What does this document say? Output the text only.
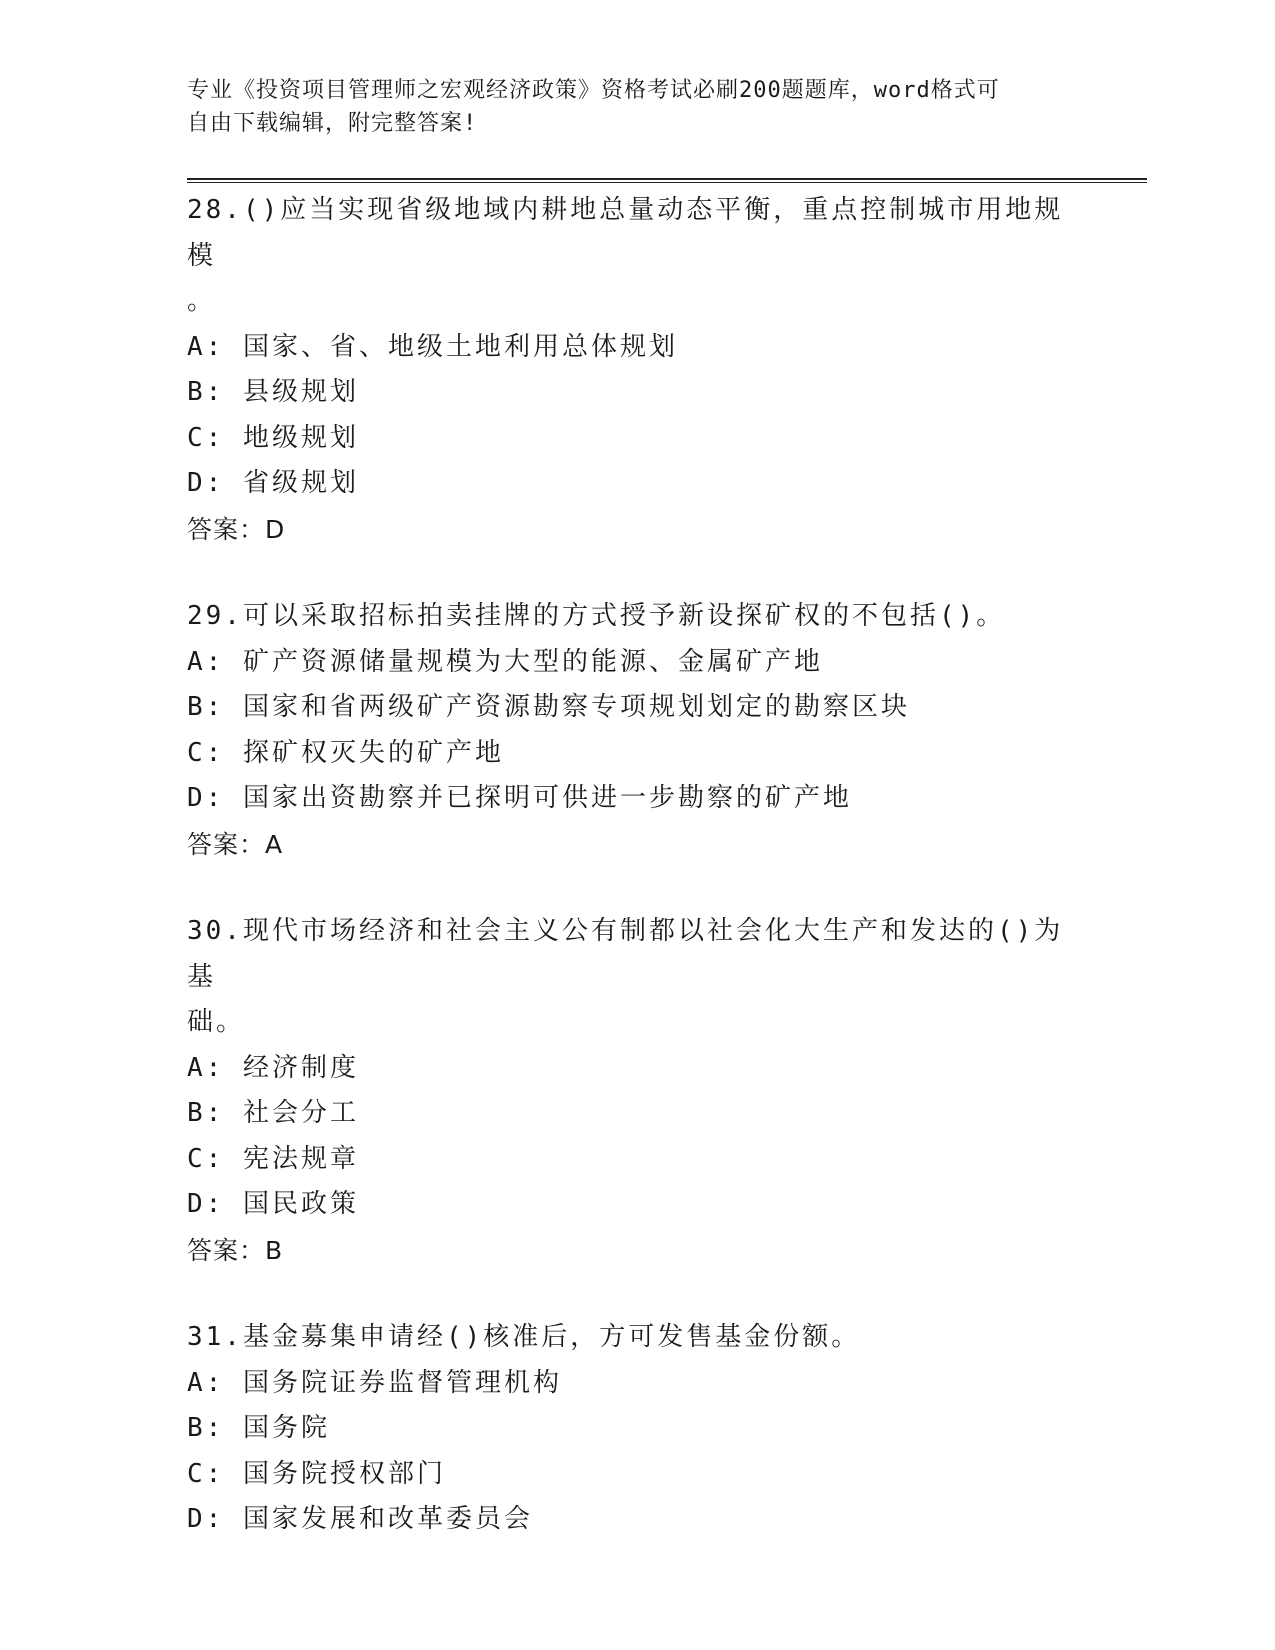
专业《投资项目管理师之宏观经济政策》资格考试必刷200题题库，word格式可
自由下载编辑，附完整答案!
28.()应当实现省级地域内耕地总量动态平衡，重点控制城市用地规模
。
A: 国家、省、地级土地利用总体规划
B: 县级规划
C: 地级规划
D: 省级规划
答案：D
29.可以采取招标拍卖挂牌的方式授予新设探矿权的不包括()。
A: 矿产资源储量规模为大型的能源、金属矿产地
B: 国家和省两级矿产资源勘察专项规划划定的勘察区块
C: 探矿权灭失的矿产地
D: 国家出资勘察并已探明可供进一步勘察的矿产地
答案：A
30.现代市场经济和社会主义公有制都以社会化大生产和发达的()为基
础。
A: 经济制度
B: 社会分工
C: 宪法规章
D: 国民政策
答案：B
31.基金募集申请经()核准后，方可发售基金份额。
A: 国务院证券监督管理机构
B: 国务院
C: 国务院授权部门
D: 国家发展和改革委员会
